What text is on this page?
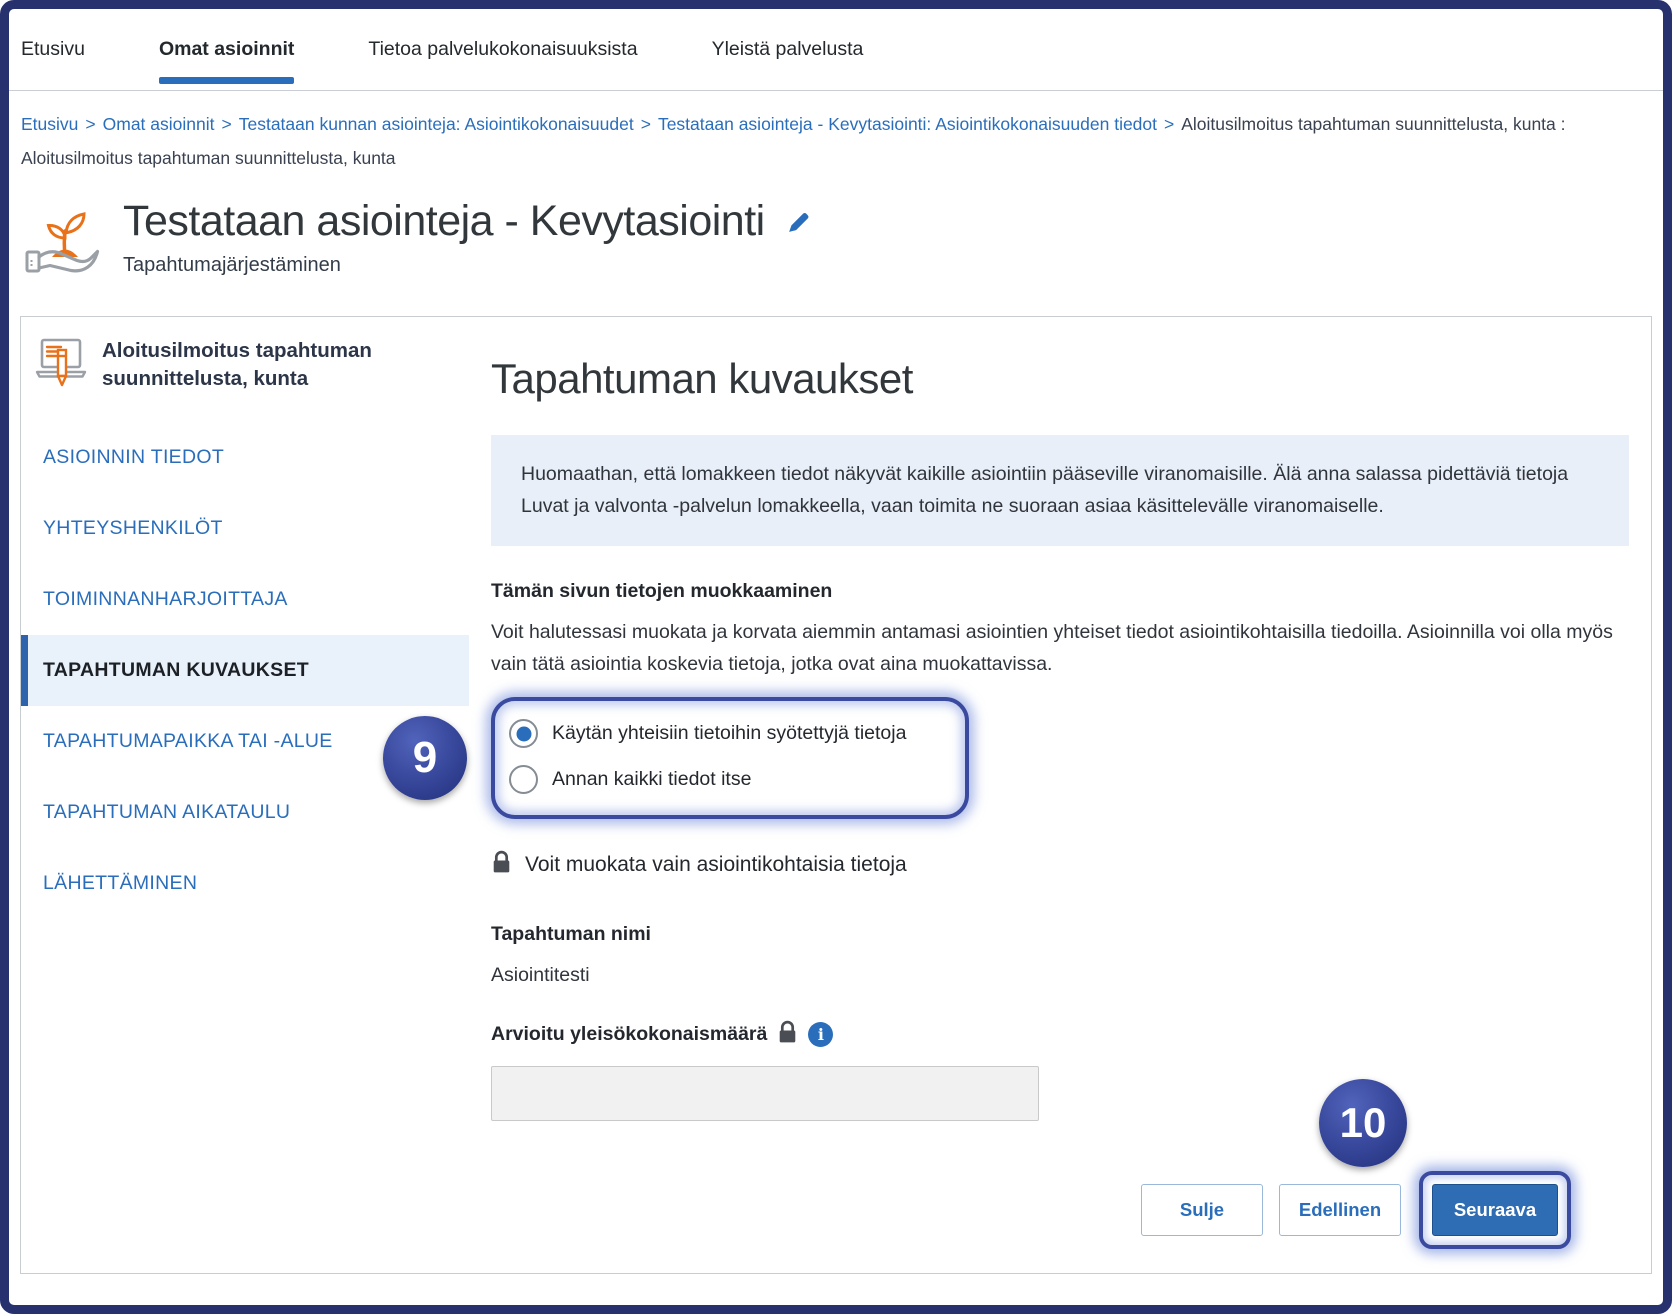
Etusivu	Omat asioinnit	Tietoa palvelukokonaisuuksista	Yleistä palvelusta
Etusivu > Omat asioinnit > Testataan kunnan asiointeja: Asiointikokonaisuudet > Testataan asiointeja - Kevytasiointi: Asiointikokonaisuuden tiedot > Aloitusilmoitus tapahtuman suunnittelusta, kunta : Aloitusilmoitus tapahtuman suunnittelusta, kunta
Testataan asiointeja - Kevytasiointi
Tapahtumajärjestäminen
Aloitusilmoitus tapahtuman suunnittelusta, kunta
ASIOINNIN TIEDOT
YHTEYSHENKILÖT
TOIMINNANHARJOITTAJA
TAPAHTUMAN KUVAUKSET
TAPAHTUMAPAIKKA TAI -ALUE
TAPAHTUMAN AIKATAULU
LÄHETTÄMINEN
Tapahtuman kuvaukset
Huomaathan, että lomakkeen tiedot näkyvät kaikille asiointiin pääseville viranomaisille. Älä anna salassa pidettäviä tietoja Luvat ja valvonta -palvelun lomakkeella, vaan toimita ne suoraan asiaa käsittelevälle viranomaiselle.
Tämän sivun tietojen muokkaaminen
Voit halutessasi muokata ja korvata aiemmin antamasi asiointien yhteiset tiedot asiointikohtaisilla tiedoilla. Asioinnilla voi olla myös vain tätä asiointia koskevia tietoja, jotka ovat aina muokattavissa.
9	Käytän yhteisiin tietoihin syötettyjä tietoja
Annan kaikki tiedot itse
Voit muokata vain asiointikohtaisia tietoja
Tapahtuman nimi
Asiointitesti
Arvioitu yleisökokonaismäärä	i
Sulje	Edellinen
10
Seuraava
